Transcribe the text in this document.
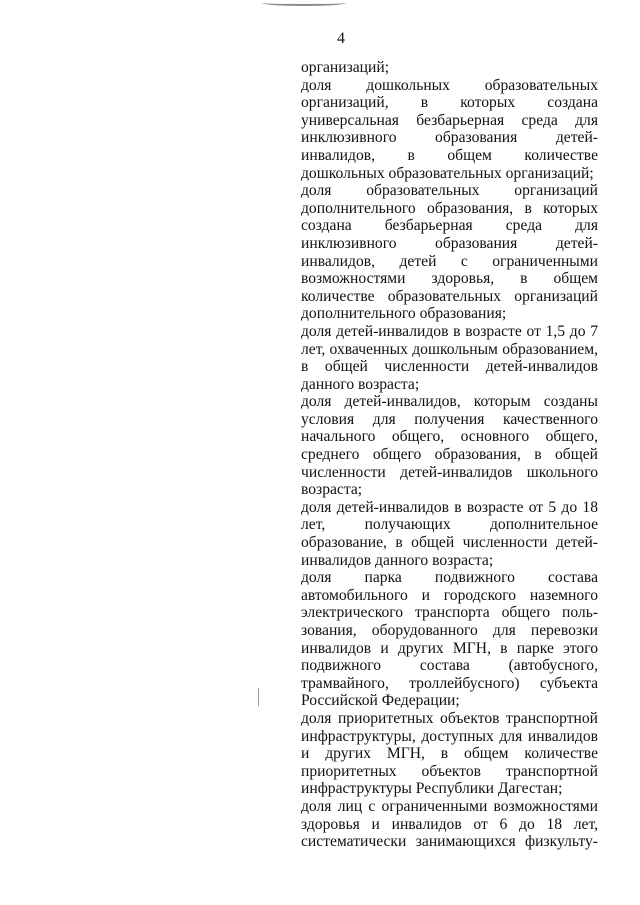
4

организаций;

доля дошкольных образовательных организаций, в которых создана универсальная безбарьерная среда для инклюзивного образования детей-инвалидов, в общем количестве дошкольных образовательных организаций;

доля образовательных организаций дополнительного образования, в которых создана безбарьерная среда для инклюзивного образования детей-инвалидов, детей с ограниченными возможностями здоровья, в общем количестве образовательных организаций дополнительного образования;

доля детей-инвалидов в возрасте от 1,5 до 7 лет, охваченных дошкольным образованием, в общей численности детей-инвалидов данного возраста;

доля детей-инвалидов, которым созданы условия для получения качественного начального общего, основного общего, среднего общего образования, в общей численности детей-инвалидов школьного возраста;

доля детей-инвалидов в возрасте от 5 до 18 лет, получающих дополнительное образование, в общей численности детей-инвалидов данного возраста;

доля парка подвижного состава автомобильного и городского наземного электрического транспорта общего поль-зования, оборудованного для перевозки инвалидов и других МГН, в парке этого подвижного состава (автобусного, трамвайного, троллейбусного) субъекта Российской Федерации;

доля приоритетных объектов транспортной инфраструктуры, доступных для инвалидов и других МГН, в общем количестве приоритетных объектов транспортной инфраструктуры Республики Дагестан;

доля лиц с ограниченными возможностями здоровья и инвалидов от 6 до 18 лет, систематически занимающихся физкульту-
